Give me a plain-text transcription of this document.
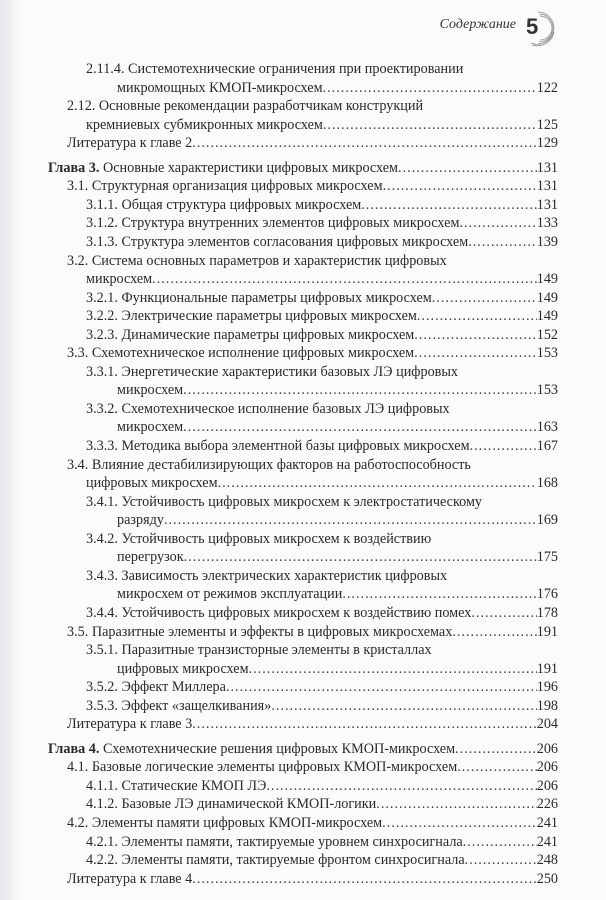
Содержание 5
2.11.4. Системотехнические ограничения при проектировании
микромощных КМОП-микросхем .....	122
2.12. Основные рекомендации разработчикам конструкций
кремниевых субмикронных микросхем .....	125
Литература к главе 2 .....	129
Глава 3. Основные характеристики цифровых микросхем .....	131
3.1. Структурная организация цифровых микросхем .....	131
3.1.1. Общая структура цифровых микросхем .....	131
3.1.2. Структура внутренних элементов цифровых микросхем .....	133
3.1.3. Структура элементов согласования цифровых микросхем .....	139
3.2. Система основных параметров и характеристик цифровых
микросхем .....	149
3.2.1. Функциональные параметры цифровых микросхем .....	149
3.2.2. Электрические параметры цифровых микросхем .....	149
3.2.3. Динамические параметры цифровых микросхем .....	152
3.3. Схемотехническое исполнение цифровых микросхем .....	153
3.3.1. Энергетические характеристики базовых ЛЭ цифровых
микросхем .....	153
3.3.2. Схемотехническое исполнение базовых ЛЭ цифровых
микросхем .....	163
3.3.3. Методика выбора элементной базы цифровых микросхем .....	167
3.4. Влияние дестабилизирующих факторов на работоспособность
цифровых микросхем .....	168
3.4.1. Устойчивость цифровых микросхем к электростатическому
разряду .....	169
3.4.2. Устойчивость цифровых микросхем к воздействию
перегрузок .....	175
3.4.3. Зависимость электрических характеристик цифровых
микросхем от режимов эксплуатации .....	176
3.4.4. Устойчивость цифровых микросхем к воздействию помех .....	178
3.5. Паразитные элементы и эффекты в цифровых микросхемах .....	191
3.5.1. Паразитные транзисторные элементы в кристаллах
цифровых микросхем .....	191
3.5.2. Эффект Миллера .....	196
3.5.3. Эффект «защелкивания» .....	198
Литература к главе 3 .....	204
Глава 4. Схемотехнические решения цифровых КМОП-микросхем .....	206
4.1. Базовые логические элементы цифровых КМОП-микросхем .....	206
4.1.1. Статические КМОП ЛЭ .....	206
4.1.2. Базовые ЛЭ динамической КМОП-логики .....	226
4.2. Элементы памяти цифровых КМОП-микросхем .....	241
4.2.1. Элементы памяти, тактируемые уровнем синхросигнала .....	241
4.2.2. Элементы памяти, тактируемые фронтом синхросигнала .....	248
Литература к главе 4 .....	250
